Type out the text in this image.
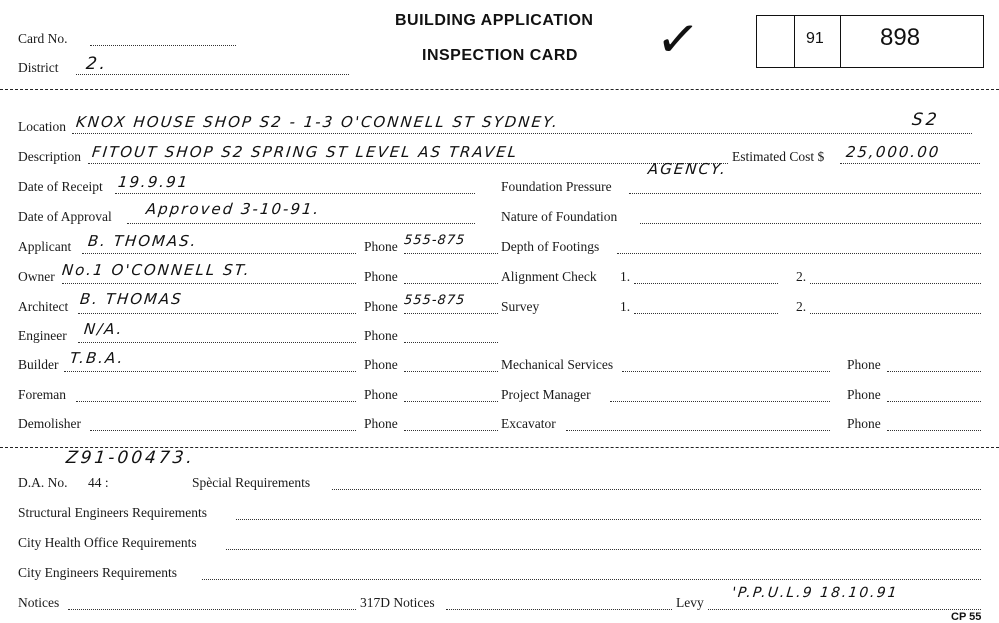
Card No.
District 2.
BUILDING APPLICATION
INSPECTION CARD ✓	91 898
Location KNOX HOUSE SHOP S2 - 1-3 O'CONNELL ST SYDNEY.	S2
Description FITOUT SHOP S2 SPRING ST LEVEL AS TRAVEL
AGENCY.
Estimated Cost $ 25,000.00
Date of Receipt 19.9.91	Foundation Pressure
Date of Approval Approved 3-10-91.	Nature of Foundation
Applicant B. THOMAS.	Phone 555-875	Depth of Footings
Owner No.1 O'CONNELL ST.	Phone	Alignment Check 1.	2.
Architect B. THOMAS	Phone 555-875	Survey	1.	2.
Engineer N/A.	Phone
Builder T.B.A.	Phone	Mechanical Services	Phone
Foreman	Phone	Project Manager	Phone
Demolisher	Phone	Excavator	Phone
Z91-00473.
D.A. No. 44 :	Spècial Requirements
Structural Engineers Requirements
City Health Office Requirements
City Engineers Requirements
Notices	317D Notices	Levy
'P.P.U.L.9 18.10.91
CP 55
